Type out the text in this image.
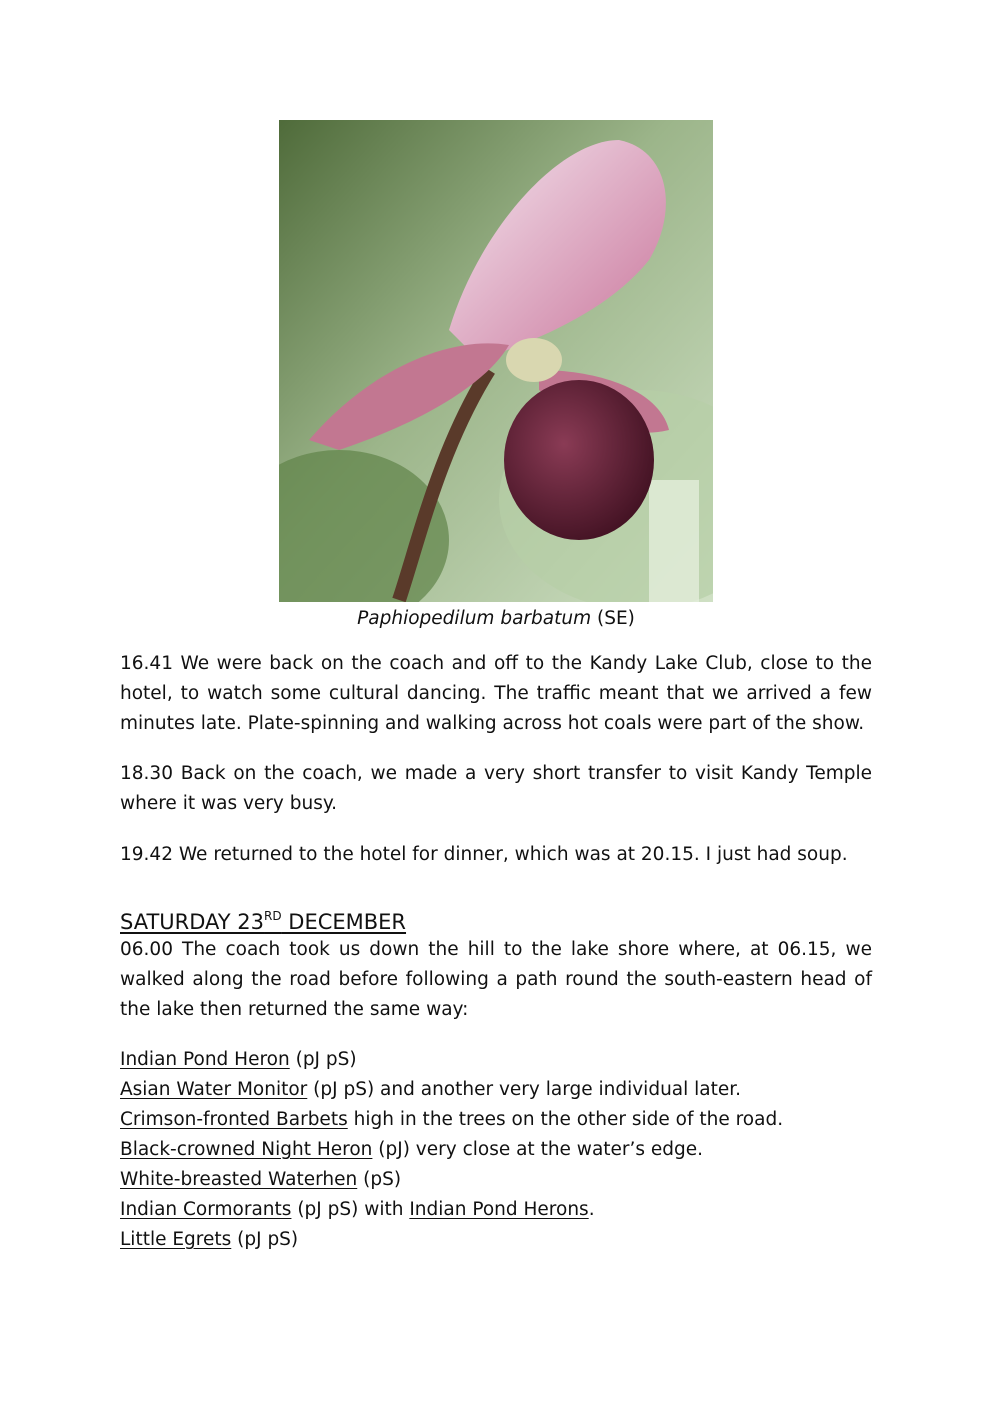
Paphiopedilum barbatum (SE)

16.41 We were back on the coach and off to the Kandy Lake Club, close to the hotel, to watch some cultural dancing. The traffic meant that we arrived a few minutes late. Plate-spinning and walking across hot coals were part of the show.

18.30 Back on the coach, we made a very short transfer to visit Kandy Temple where it was very busy.

19.42 We returned to the hotel for dinner, which was at 20.15. I just had soup.

SATURDAY 23RD DECEMBER

06.00 The coach took us down the hill to the lake shore where, at 06.15, we walked along the road before following a path round the south-eastern head of the lake then returned the same way:

Indian Pond Heron (pJ pS)
Asian Water Monitor (pJ pS) and another very large individual later.
Crimson-fronted Barbets high in the trees on the other side of the road.
Black-crowned Night Heron (pJ) very close at the water’s edge.
White-breasted Waterhen (pS)
Indian Cormorants (pJ pS) with Indian Pond Herons.
Little Egrets (pJ pS)
